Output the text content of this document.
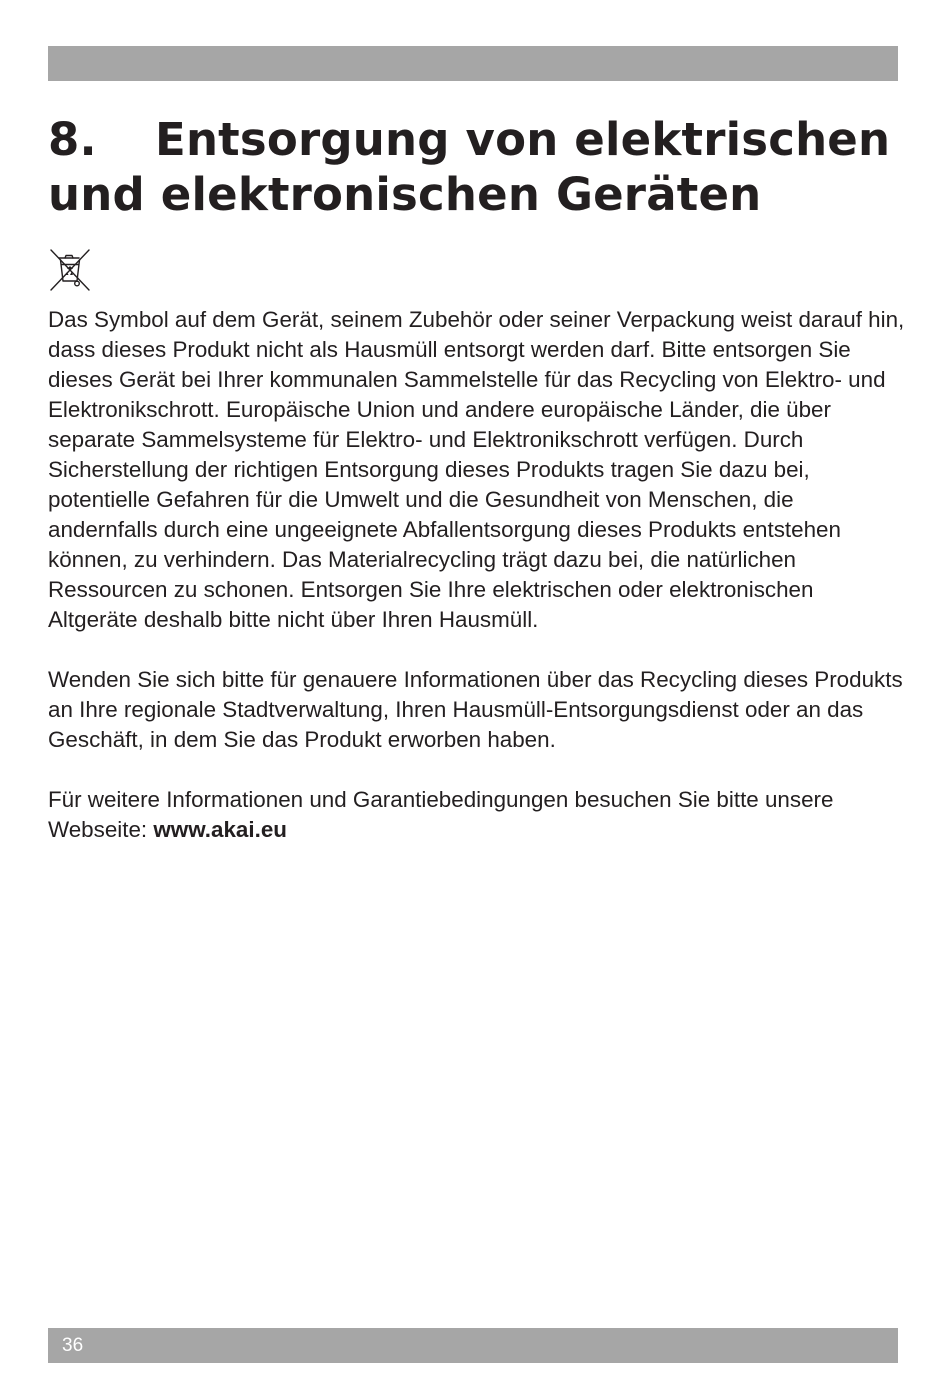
8. Entsorgung von elektrischen
und elektronischen Geräten

Das Symbol auf dem Gerät, seinem Zubehör oder seiner Verpackung weist darauf hin, dass dieses Produkt nicht als Hausmüll entsorgt werden darf. Bitte entsorgen Sie dieses Gerät bei Ihrer kommunalen Sammelstelle für das Recycling von Elektro- und Elektronikschrott. Europäische Union und andere europäische Länder, die über separate Sammelsysteme für Elektro- und Elektronikschrott verfügen. Durch Sicherstellung der richtigen Entsorgung dieses Produkts tragen Sie dazu bei, potentielle Gefahren für die Umwelt und die Gesundheit von Menschen, die andernfalls durch eine ungeeignete Abfallentsorgung dieses Produkts entstehen können, zu verhindern. Das Materialrecycling trägt dazu bei, die natürlichen Ressourcen zu schonen. Entsorgen Sie Ihre elektrischen oder elektronischen Altgeräte deshalb bitte nicht über Ihren Hausmüll.

Wenden Sie sich bitte für genauere Informationen über das Recycling dieses Produkts an Ihre regionale Stadtverwaltung, Ihren Hausmüll-Entsorgungsdienst oder an das Geschäft, in dem Sie das Produkt erworben haben.

Für weitere Informationen und Garantiebedingungen besuchen Sie bitte unsere Webseite: www.akai.eu

36
